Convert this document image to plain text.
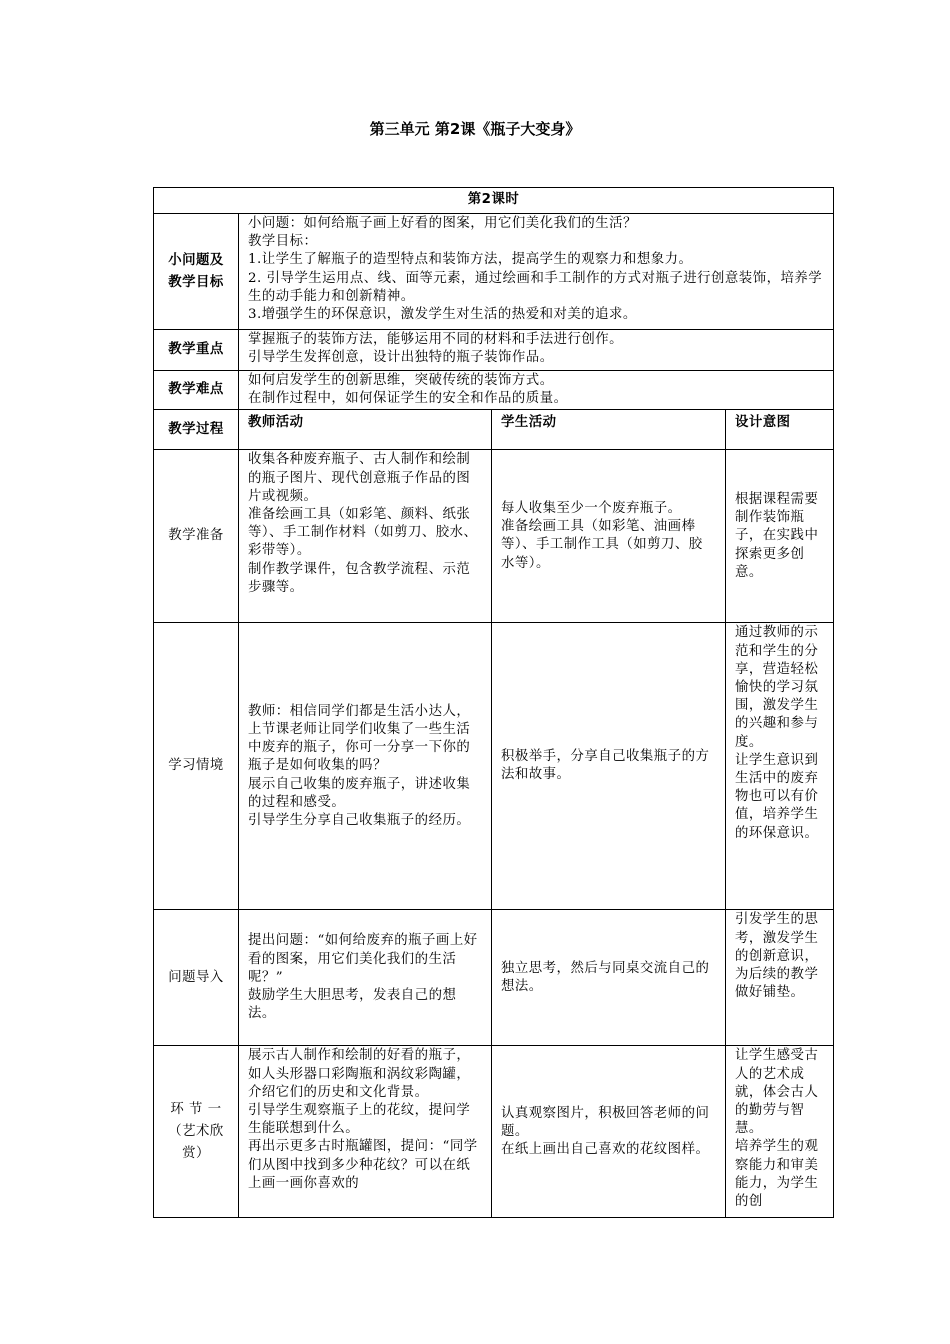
第三单元 第2课《瓶子大变身》
第2课时			

小问题及
教学目标	小问题：如何给瓶子画上好看的图案，用它们美化我们的生活？
教学目标：
1.让学生了解瓶子的造型特点和装饰方法，提高学生的观察力和想象力。
2. 引导学生运用点、线、面等元素，通过绘画和手工制作的方式对瓶子进行创意装饰，培养学生的动手能力和创新精神。
3.增强学生的环保意识，激发学生对生活的热爱和对美的追求。		

教学重点	掌握瓶子的装饰方法，能够运用不同的材料和手法进行创作。
引导学生发挥创意，设计出独特的瓶子装饰作品。		

教学难点	如何启发学生的创新思维，突破传统的装饰方式。
在制作过程中，如何保证学生的安全和作品的质量。		

教学过程	教师活动	学生活动	设计意图

教学准备	收集各种废弃瓶子、古人制作和绘制的瓶子图片、现代创意瓶子作品的图片或视频。
准备绘画工具（如彩笔、颜料、纸张等）、手工制作材料（如剪刀、胶水、彩带等）。
制作教学课件，包含教学流程、示范步骤等。	每人收集至少一个废弃瓶子。
准备绘画工具（如彩笔、油画棒等）、手工制作工具（如剪刀、胶水等）。	根据课程需要制作装饰瓶子，在实践中探索更多创意。

学习情境	教师：相信同学们都是生活小达人，上节课老师让同学们收集了一些生活中废弃的瓶子，你可一分享一下你的瓶子是如何收集的吗？
展示自己收集的废弃瓶子，讲述收集的过程和感受。
引导学生分享自己收集瓶子的经历。	积极举手，分享自己收集瓶子的方法和故事。	通过教师的示范和学生的分享，营造轻松愉快的学习氛围，激发学生的兴趣和参与度。
让学生意识到生活中的废弃物也可以有价值，培养学生的环保意识。

问题导入	提出问题：“如何给废弃的瓶子画上好看的图案，用它们美化我们的生活呢？”
鼓励学生大胆思考，发表自己的想法。	独立思考，然后与同桌交流自己的想法。	引发学生的思考，激发学生的创新意识，为后续的教学做好铺垫。

环 节 一
（艺术欣
赏）	展示古人制作和绘制的好看的瓶子，如人头形器口彩陶瓶和涡纹彩陶罐，介绍它们的历史和文化背景。
引导学生观察瓶子上的花纹，提问学生能联想到什么。
再出示更多古时瓶罐图，提问：“同学们从图中找到多少种花纹？可以在纸上画一画你喜欢的	认真观察图片，积极回答老师的问题。
在纸上画出自己喜欢的花纹图样。	让学生感受古人的艺术成就，体会古人的勤劳与智慧。
培养学生的观察能力和审美能力，为学生的创
